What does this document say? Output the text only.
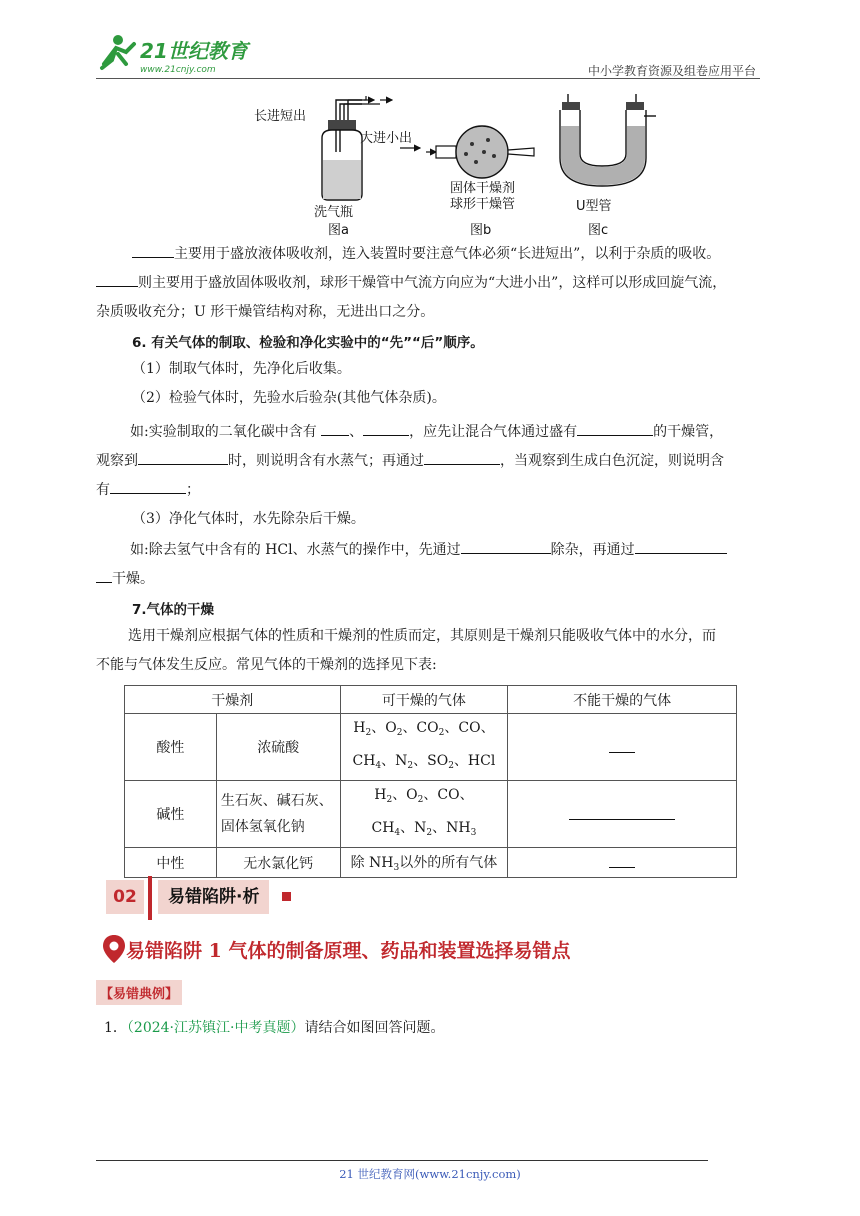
21世纪教育
www.21cnjy.com	中小学教育资源及组卷应用平台
长进短出
洗气瓶
图a
大进小出
固体干燥剂
球形干燥管
图b
U型管
图c
主要用于盛放液体吸收剂，连入装置时要注意气体必须“长进短出”，以利于杂质的吸收。
则主要用于盛放固体吸收剂，球形干燥管中气流方向应为“大进小出”，这样可以形成回旋气流，
杂质吸收充分；U 形干燥管结构对称，无进出口之分。
6. 有关气体的制取、检验和净化实验中的“先”“后”顺序。
（1）制取气体时，先净化后收集。
（2）检验气体时，先验水后验杂(其他气体杂质)。
如:实验制取的二氧化碳中含有 、	，应先让混合气体通过盛有	的干燥管，
观察到	时，则说明含有水蒸气；再通过	，当观察到生成白色沉淀，则说明含
有	；
（3）净化气体时，水先除杂后干燥。
如:除去氢气中含有的 HCl、水蒸气的操作中，先通过	除杂，再通过
干燥。
7.气体的干燥
选用干燥剂应根据气体的性质和干燥剂的性质而定，其原则是干燥剂只能吸收气体中的水分，而
不能与气体发生反应。常见气体的干燥剂的选择见下表:
干燥剂		可干燥的气体	不能干燥的气体
酸性	浓硫酸	$H_2$、$O_2$、$CO_2$、CO、
$CH_4$、$N_2$、$SO_2$、HCl	
碱性	生石灰、碱石灰、
固体氢氧化钠	$H_2$、$O_2$、CO、
$CH_4$、$N_2$、$NH_3$	
中性	无水氯化钙	除 $NH_3$以外的所有气体	
02	易错陷阱·析
易错陷阱 1 气体的制备原理、药品和装置选择易错点
【易错典例】
1．（2024·江苏镇江·中考真题）请结合如图回答问题。
21 世纪教育网(www.21cnjy.com)
